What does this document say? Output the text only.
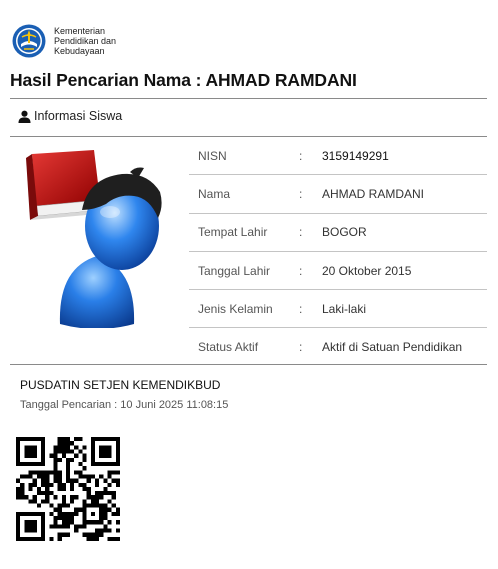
Kementerian
Pendidikan dan
Kebudayaan
Hasil Pencarian Nama : AHMAD RAMDANI
Informasi Siswa
NISN	:	3159149291
Nama	:	AHMAD RAMDANI
Tempat Lahir	:	BOGOR
Tanggal Lahir	:	20 Oktober 2015
Jenis Kelamin	:	Laki-laki
Status Aktif	:	Aktif di Satuan Pendidikan
PUSDATIN SETJEN KEMENDIKBUD
Tanggal Pencarian : 10 Juni 2025 11:08:15
